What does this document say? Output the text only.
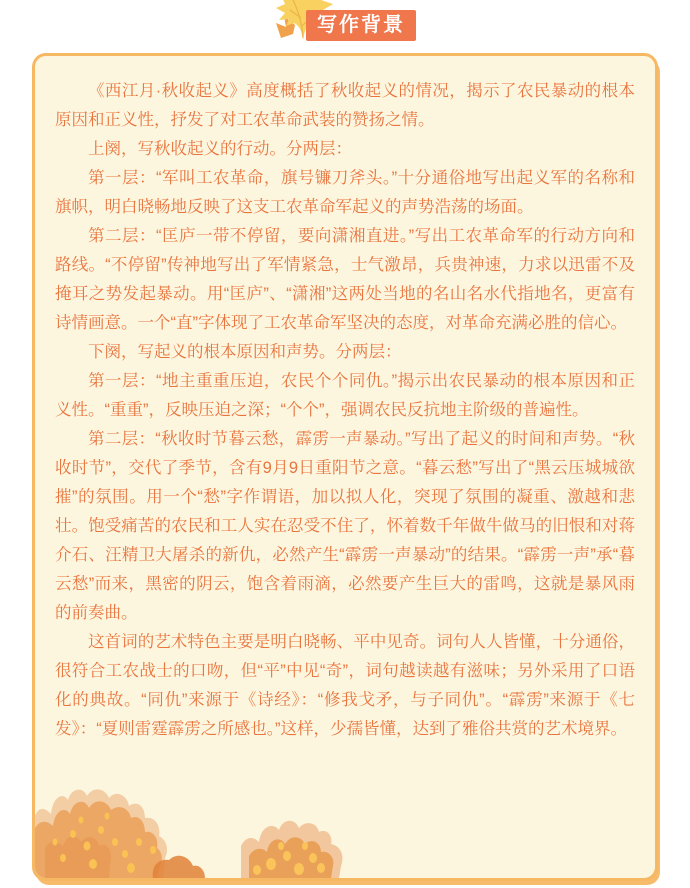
写作背景

《西江月·秋收起义》高度概括了秋收起义的情况，揭示了农民暴动的根本原因和正义性，抒发了对工农革命武装的赞扬之情。

上阕，写秋收起义的行动。分两层：

第一层：“军叫工农革命，旗号镰刀斧头。”十分通俗地写出起义军的名称和旗帜，明白晓畅地反映了这支工农革命军起义的声势浩荡的场面。

第二层：“匡庐一带不停留，要向潇湘直进。”写出工农革命军的行动方向和路线。“不停留”传神地写出了军情紧急，士气激昂，兵贵神速，力求以迅雷不及掩耳之势发起暴动。用“匡庐”、“潇湘”这两处当地的名山名水代指地名，更富有诗情画意。一个“直”字体现了工农革命军坚决的态度，对革命充满必胜的信心。

下阕，写起义的根本原因和声势。分两层：

第一层：“地主重重压迫，农民个个同仇。”揭示出农民暴动的根本原因和正义性。“重重”，反映压迫之深；“个个”，强调农民反抗地主阶级的普遍性。

第二层：“秋收时节暮云愁，霹雳一声暴动。”写出了起义的时间和声势。“秋收时节”，交代了季节，含有9月9日重阳节之意。“暮云愁”写出了“黑云压城城欲摧”的氛围。用一个“愁”字作谓语，加以拟人化，突现了氛围的凝重、激越和悲壮。饱受痛苦的农民和工人实在忍受不住了，怀着数千年做牛做马的旧恨和对蒋介石、汪精卫大屠杀的新仇，必然产生“霹雳一声暴动”的结果。“霹雳一声”承“暮云愁”而来，黑密的阴云，饱含着雨滴，必然要产生巨大的雷鸣，这就是暴风雨的前奏曲。

这首词的艺术特色主要是明白晓畅、平中见奇。词句人人皆懂，十分通俗，很符合工农战士的口吻，但“平”中见“奇”，词句越读越有滋味；另外采用了口语化的典故。“同仇”来源于《诗经》：“修我戈矛，与子同仇”。“霹雳”来源于《七发》：“夏则雷霆霹雳之所感也。”这样，少孺皆懂，达到了雅俗共赏的艺术境界。
